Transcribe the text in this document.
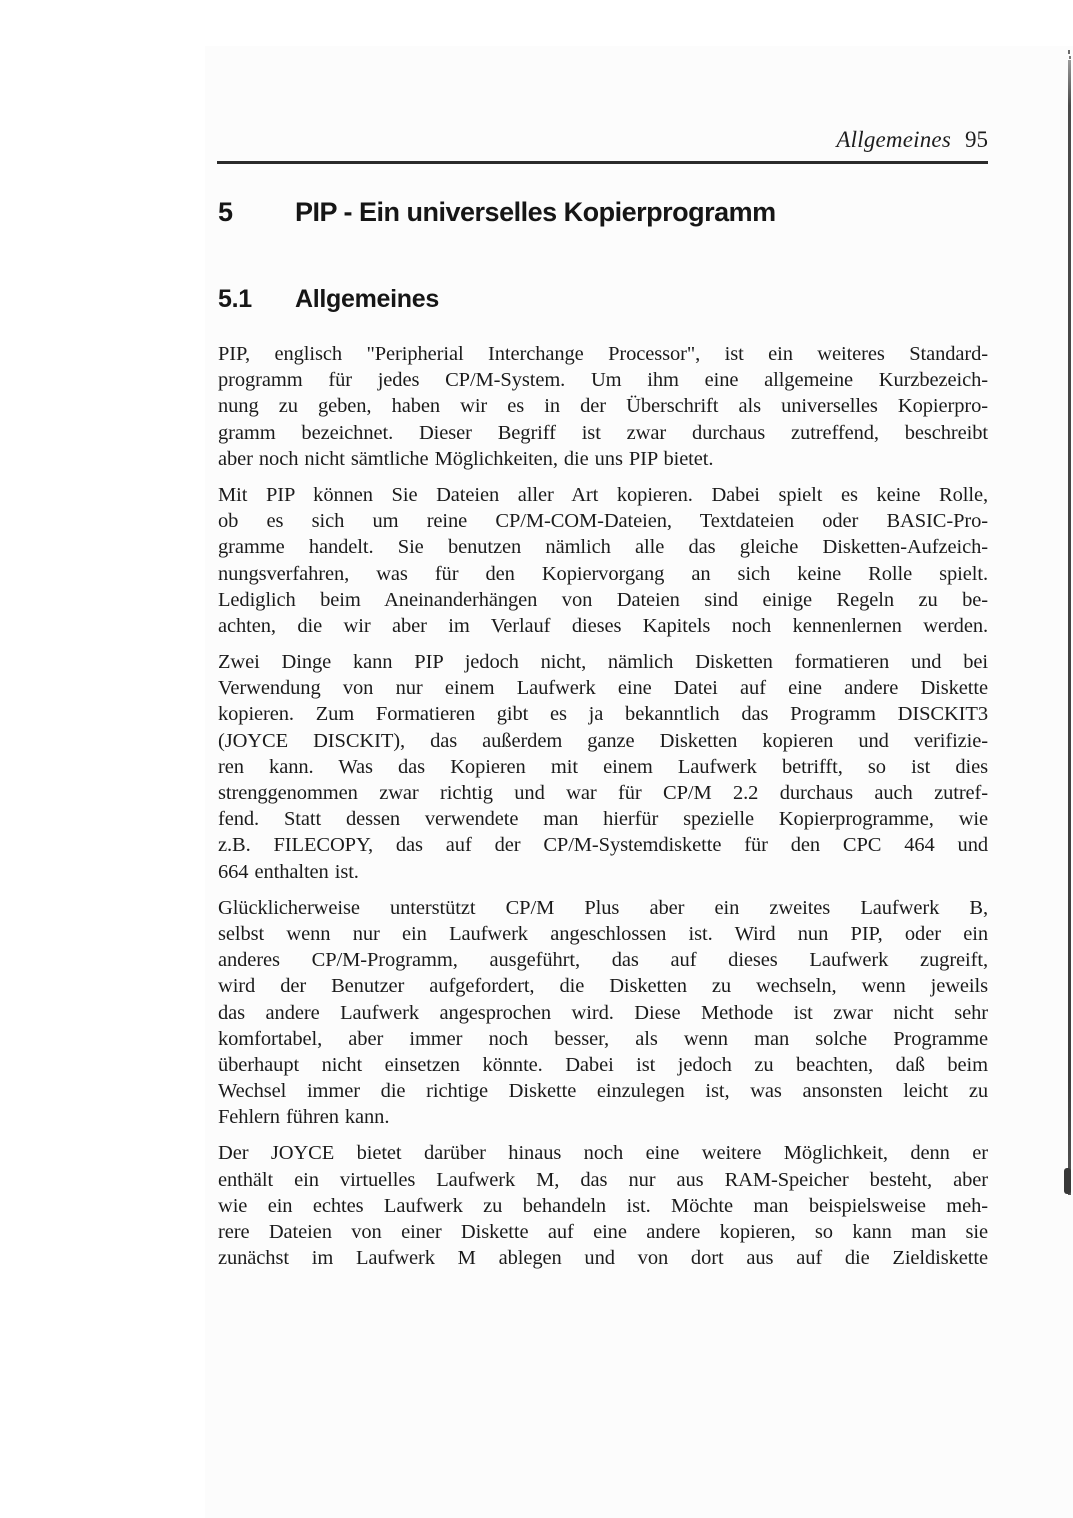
Allgemeines 95
5 PIP - Ein universelles Kopierprogramm
5.1 Allgemeines
PIP, englisch "Peripherial Interchange Processor", ist ein weiteres Standard-
programm für jedes CP/M-System. Um ihm eine allgemeine Kurzbezeich-
nung zu geben, haben wir es in der Überschrift als universelles Kopierpro-
gramm bezeichnet. Dieser Begriff ist zwar durchaus zutreffend, beschreibt
aber noch nicht sämtliche Möglichkeiten, die uns PIP bietet.
Mit PIP können Sie Dateien aller Art kopieren. Dabei spielt es keine Rolle,
ob es sich um reine CP/M-COM-Dateien, Textdateien oder BASIC-Pro-
gramme handelt. Sie benutzen nämlich alle das gleiche Disketten-Aufzeich-
nungsverfahren, was für den Kopiervorgang an sich keine Rolle spielt.
Lediglich beim Aneinanderhängen von Dateien sind einige Regeln zu be-
achten, die wir aber im Verlauf dieses Kapitels noch kennenlernen werden.
Zwei Dinge kann PIP jedoch nicht, nämlich Disketten formatieren und bei
Verwendung von nur einem Laufwerk eine Datei auf eine andere Diskette
kopieren. Zum Formatieren gibt es ja bekanntlich das Programm DISCKIT3
(JOYCE DISCKIT), das außerdem ganze Disketten kopieren und verifizie-
ren kann. Was das Kopieren mit einem Laufwerk betrifft, so ist dies
strenggenommen zwar richtig und war für CP/M 2.2 durchaus auch zutref-
fend. Statt dessen verwendete man hierfür spezielle Kopierprogramme, wie
z.B. FILECOPY, das auf der CP/M-Systemdiskette für den CPC 464 und
664 enthalten ist.
Glücklicherweise unterstützt CP/M Plus aber ein zweites Laufwerk B,
selbst wenn nur ein Laufwerk angeschlossen ist. Wird nun PIP, oder ein
anderes CP/M-Programm, ausgeführt, das auf dieses Laufwerk zugreift,
wird der Benutzer aufgefordert, die Disketten zu wechseln, wenn jeweils
das andere Laufwerk angesprochen wird. Diese Methode ist zwar nicht sehr
komfortabel, aber immer noch besser, als wenn man solche Programme
überhaupt nicht einsetzen könnte. Dabei ist jedoch zu beachten, daß beim
Wechsel immer die richtige Diskette einzulegen ist, was ansonsten leicht zu
Fehlern führen kann.
Der JOYCE bietet darüber hinaus noch eine weitere Möglichkeit, denn er
enthält ein virtuelles Laufwerk M, das nur aus RAM-Speicher besteht, aber
wie ein echtes Laufwerk zu behandeln ist. Möchte man beispielsweise meh-
rere Dateien von einer Diskette auf eine andere kopieren, so kann man sie
zunächst im Laufwerk M ablegen und von dort aus auf die Zieldiskette
